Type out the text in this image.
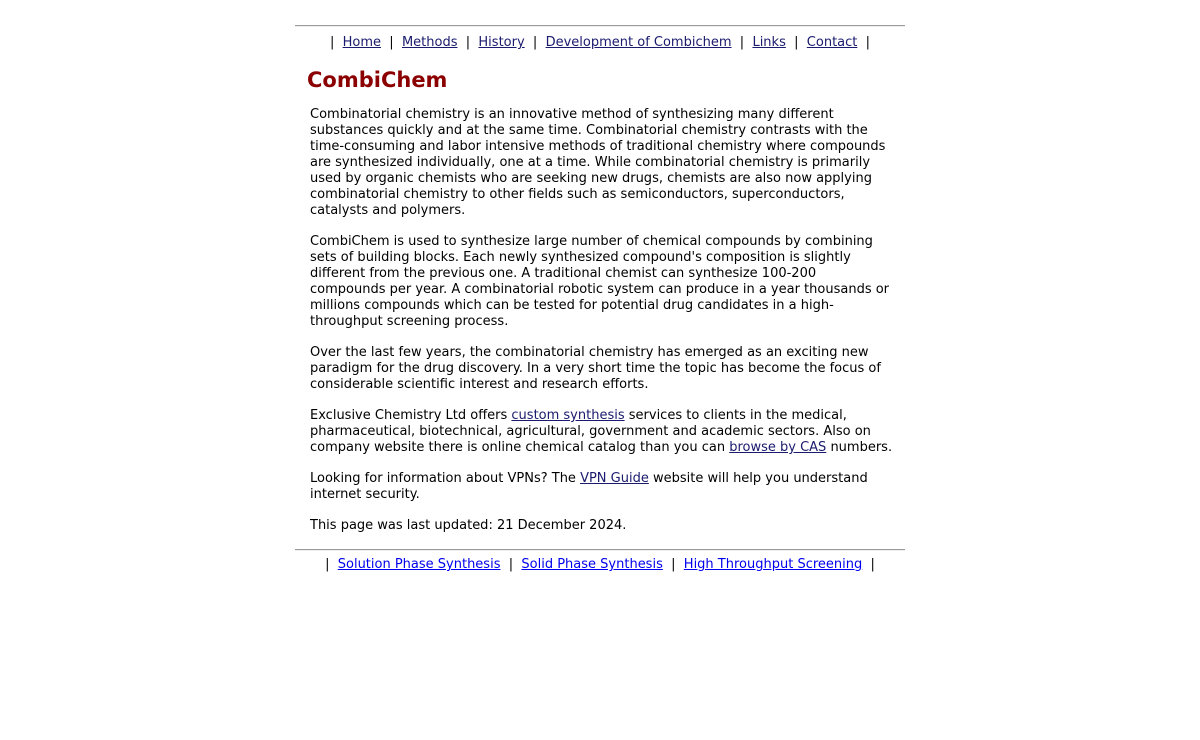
|  Home  |  Methods  |  History  |  Development of Combichem  |  Links  |  Contact  |
CombiChem

Combinatorial chemistry is an innovative method of synthesizing many different substances quickly and at the same time. Combinatorial chemistry contrasts with the time-consuming and labor intensive methods of traditional chemistry where compounds are synthesized individually, one at a time. While combinatorial chemistry is primarily used by organic chemists who are seeking new drugs, chemists are also now applying combinatorial chemistry to other fields such as semiconductors, superconductors, catalysts and polymers.

CombiChem is used to synthesize large number of chemical compounds by combining sets of building blocks. Each newly synthesized compound's composition is slightly different from the previous one. A traditional chemist can synthesize 100-200 compounds per year. A combinatorial robotic system can produce in a year thousands or millions compounds which can be tested for potential drug candidates in a high-throughput screening process.

Over the last few years, the combinatorial chemistry has emerged as an exciting new paradigm for the drug discovery. In a very short time the topic has become the focus of considerable scientific interest and research efforts.

Exclusive Chemistry Ltd offers custom synthesis services to clients in the medical, pharmaceutical, biotechnical, agricultural, government and academic sectors. Also on company website there is online chemical catalog than you can browse by CAS numbers.

Looking for information about VPNs? The VPN Guide website will help you understand internet security.

This page was last updated: 21 December 2024.

|  Solution Phase Synthesis  |  Solid Phase Synthesis  |  High Throughput Screening  |
